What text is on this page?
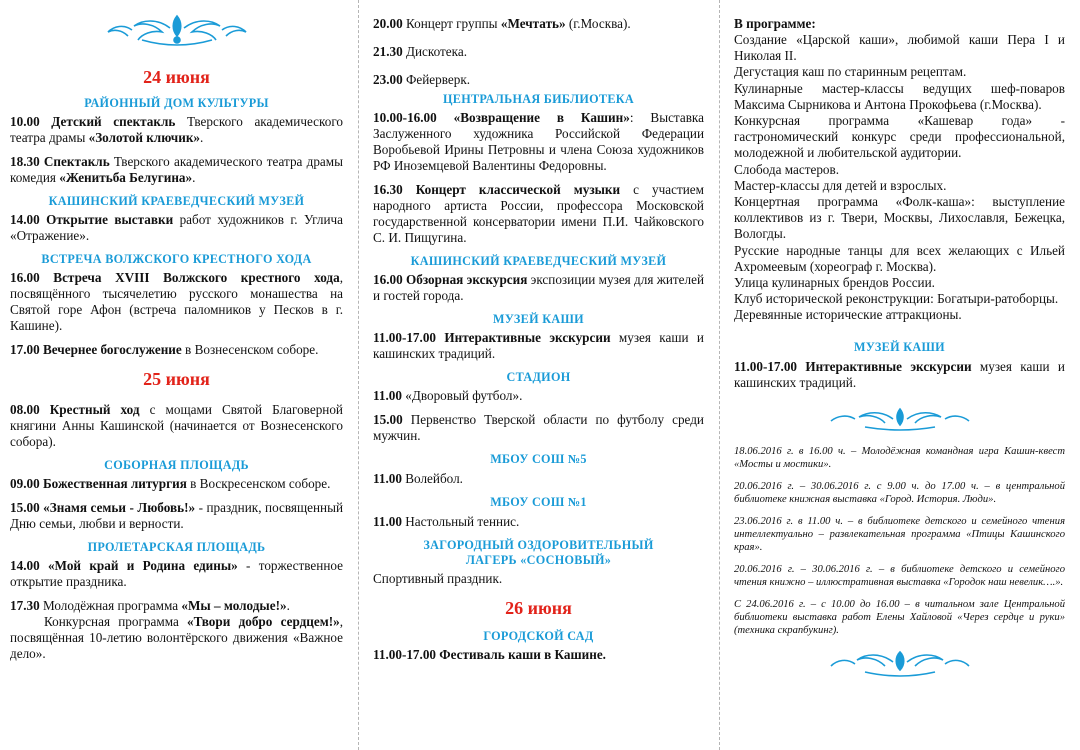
24 июня
РАЙОННЫЙ ДОМ КУЛЬТУРЫ

10.00 Детский спектакль Тверского академического театра драмы «Золотой ключик».

18.30 Спектакль Тверского академического театра драмы комедия «Женитьба Белугина».

КАШИНСКИЙ КРАЕВЕДЧЕСКИЙ МУЗЕЙ

14.00 Открытие выставки работ художников г. Углича «Отражение».

ВСТРЕЧА ВОЛЖСКОГО КРЕСТНОГО ХОДА

16.00 Встреча XVIII Волжского крестного хода, посвящённого тысячелетию русского монашества на Святой горе Афон (встреча паломников у Песков в г. Кашине).

17.00 Вечернее богослужение в Вознесенском соборе.

25 июня

08.00 Крестный ход с мощами Святой Благоверной княгини Анны Кашинской (начинается от Вознесенского собора).

СОБОРНАЯ ПЛОЩАДЬ

09.00 Божественная литургия в Воскресенском соборе.

15.00 «Знамя семьи - Любовь!» - праздник, посвященный Дню семьи, любви и верности.

ПРОЛЕТАРСКАЯ ПЛОЩАДЬ

14.00 «Мой край и Родина едины» - торжественное открытие праздника.

17.30 Молодёжная программа «Мы – молодые!».

Конкурсная программа «Твори добро сердцем!», посвящённая 10-летию волонтёрского движения «Важное дело».

20.00 Концерт группы «Мечтать» (г.Москва).

21.30 Дискотека.

23.00 Фейерверк.

ЦЕНТРАЛЬНАЯ БИБЛИОТЕКА

10.00-16.00 «Возвращение в Кашин»: Выставка Заслуженного художника Российской Федерации Воробьевой Ирины Петровны и члена Союза художников РФ Иноземцевой Валентины Федоровны.

16.30 Концерт классической музыки с участием народного артиста России, профессора Московской государственной консерватории имени П.И. Чайковского С. И. Пищугина.

КАШИНСКИЙ КРАЕВЕДЧЕСКИЙ МУЗЕЙ

16.00 Обзорная экскурсия экспозиции музея для жителей и гостей города.

МУЗЕЙ КАШИ

11.00-17.00 Интерактивные экскурсии музея каши и кашинских традиций.

СТАДИОН

11.00 «Дворовый футбол».

15.00 Первенство Тверской области по футболу среди мужчин.

МБОУ СОШ №5

11.00 Волейбол.

МБОУ СОШ №1

11.00 Настольный теннис.

ЗАГОРОДНЫЙ ОЗДОРОВИТЕЛЬНЫЙ
ЛАГЕРЬ «СОСНОВЫЙ»

Спортивный праздник.

26 июня
ГОРОДСКОЙ САД

11.00-17.00 Фестиваль каши в Кашине.

В программе:

Создание «Царской каши», любимой каши Пера I и Николая II.

Дегустация каш по старинным рецептам.

Кулинарные мастер-классы ведущих шеф-поваров Максима Сырникова и Антона Прокофьева (г.Москва).

Конкурсная программа «Кашевар года» - гастрономический конкурс среди профессиональной, молодежной и любительской аудитории.

Слобода мастеров.

Мастер-классы для детей и взрослых.

Концертная программа «Фолк-каша»: выступление коллективов из г. Твери, Москвы, Лихославля, Бежецка, Вологды.

Русские народные танцы для всех желающих с Ильей Ахромеевым (хореограф г. Москва).

Улица кулинарных брендов России.

Клуб исторической реконструкции: Богатыри-ратоборцы.

Деревянные исторические аттракционы.

МУЗЕЙ КАШИ

11.00-17.00 Интерактивные экскурсии музея каши и кашинских традиций.

18.06.2016 г. в 16.00 ч. – Молодёжная командная игра Кашин-квест «Мосты и мостики».

20.06.2016 г. – 30.06.2016 г. с 9.00 ч. до 17.00 ч. – в центральной библиотеке книжная выставка «Город. История. Люди».

23.06.2016 г. в 11.00 ч. – в библиотеке детского и семейного чтения интеллектуально – развлекательная программа «Птицы Кашинского края».

20.06.2016 г. – 30.06.2016 г. – в библиотеке детского и семейного чтения книжно – иллюстративная выставка «Городок наш невелик….».

С 24.06.2016 г. – с 10.00 до 16.00 – в читальном зале Центральной библиотеки выставка работ Елены Хайловой «Через сердце и руки» (техника скрапбукинг).
